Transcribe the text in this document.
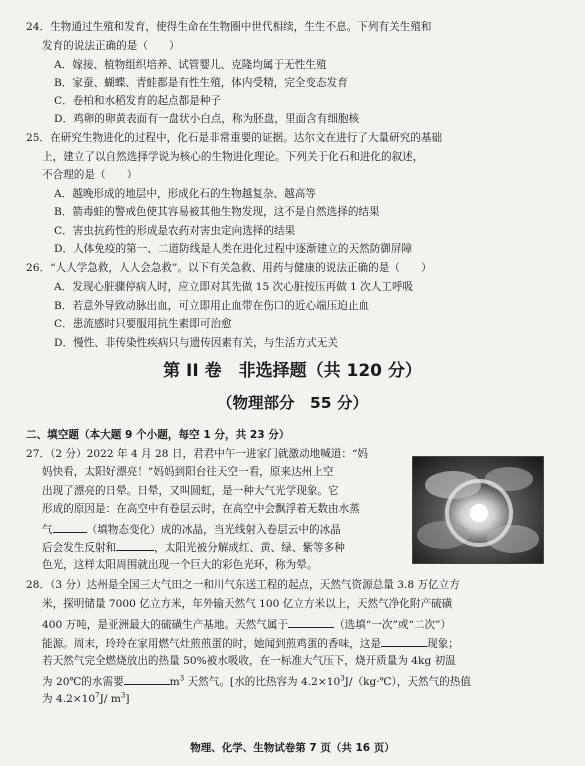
24．生物通过生殖和发育，使得生命在生物圈中世代相续，生生不息。下列有关生殖和
发育的说法正确的是（　　）
A．嫁接、植物组织培养、试管婴儿、克隆均属于无性生殖
B．家蚕、蝴蝶、青蛙都是有性生殖，体内受精，完全变态发育
C．卷柏和水稻发育的起点都是种子
D．鸡卵的卵黄表面有一盘状小白点，称为胚盘，里面含有细胞核
25．在研究生物进化的过程中，化石是非常重要的证据。达尔文在进行了大量研究的基础
上，建立了以自然选择学说为核心的生物进化理论。下列关于化石和进化的叙述，
不合理的是（　　）
A．越晚形成的地层中，形成化石的生物越复杂、越高等
B．箭毒蛙的警戒色使其容易被其他生物发现，这不是自然选择的结果
C．害虫抗药性的形成是农药对害虫定向选择的结果
D．人体免疫的第一、二道防线是人类在进化过程中逐渐建立的天然防御屏障
26．“人人学急救，人人会急救”。以下有关急救、用药与健康的说法正确的是（　　）
A．发现心脏骤停病人时，应立即对其先做 15 次心脏按压再做 1 次人工呼吸
B．若意外导致动脉出血，可立即用止血带在伤口的近心端压迫止血
C．患流感时只要服用抗生素即可治愈
D．慢性、非传染性疾病只与遗传因素有关，与生活方式无关
第 II 卷　非选择题（共 120 分）
（物理部分　55 分）
二、填空题（本大题 9 个小题，每空 1 分，共 23 分）
27．（2 分）2022 年 4 月 28 日，君君中午一进家门就激动地喊道：“妈
妈快看，太阳好漂亮！”妈妈到阳台往天空一看，原来达州上空
出现了漂亮的日晕。日晕，又叫圆虹，是一种大气光学现象。它
形成的原因是：在高空中有卷层云时，在高空中会飘浮着无数由水蒸
气	（填物态变化）成的冰晶，当光线射入卷层云中的冰晶
后会发生反射和	，太阳光被分解成红、黄、绿、紫等多种
色光，这样太阳周围就出现一个巨大的彩色光环，称为晕。
28．（3 分）达州是全国三大气田之一和川气东送工程的起点，天然气资源总量 3.8 万亿立方
米，探明储量 7000 亿立方米，年外输天然气 100 亿立方米以上，天然气净化附产硫磺
400 万吨，是亚洲最大的硫磺生产基地。天然气属于	（选填“一次”或“二次”）
能源。周末，玲玲在家用燃气灶煎煎蛋的时，她闻到煎鸡蛋的香味，这是	现象；
若天然气完全燃烧放出的热量 50%被水吸收，在一标准大气压下，烧开质量为 4kg 初温
为 20℃的水需要	$m^3$ 天然气。[水的比热容为 $4.2\times 10^3J/(kg\cdot℃)$，天然气的热值
为 $4.2\times 10^7J/$ $m^3$]
物理、化学、生物试卷第 7 页（共 16 页）
